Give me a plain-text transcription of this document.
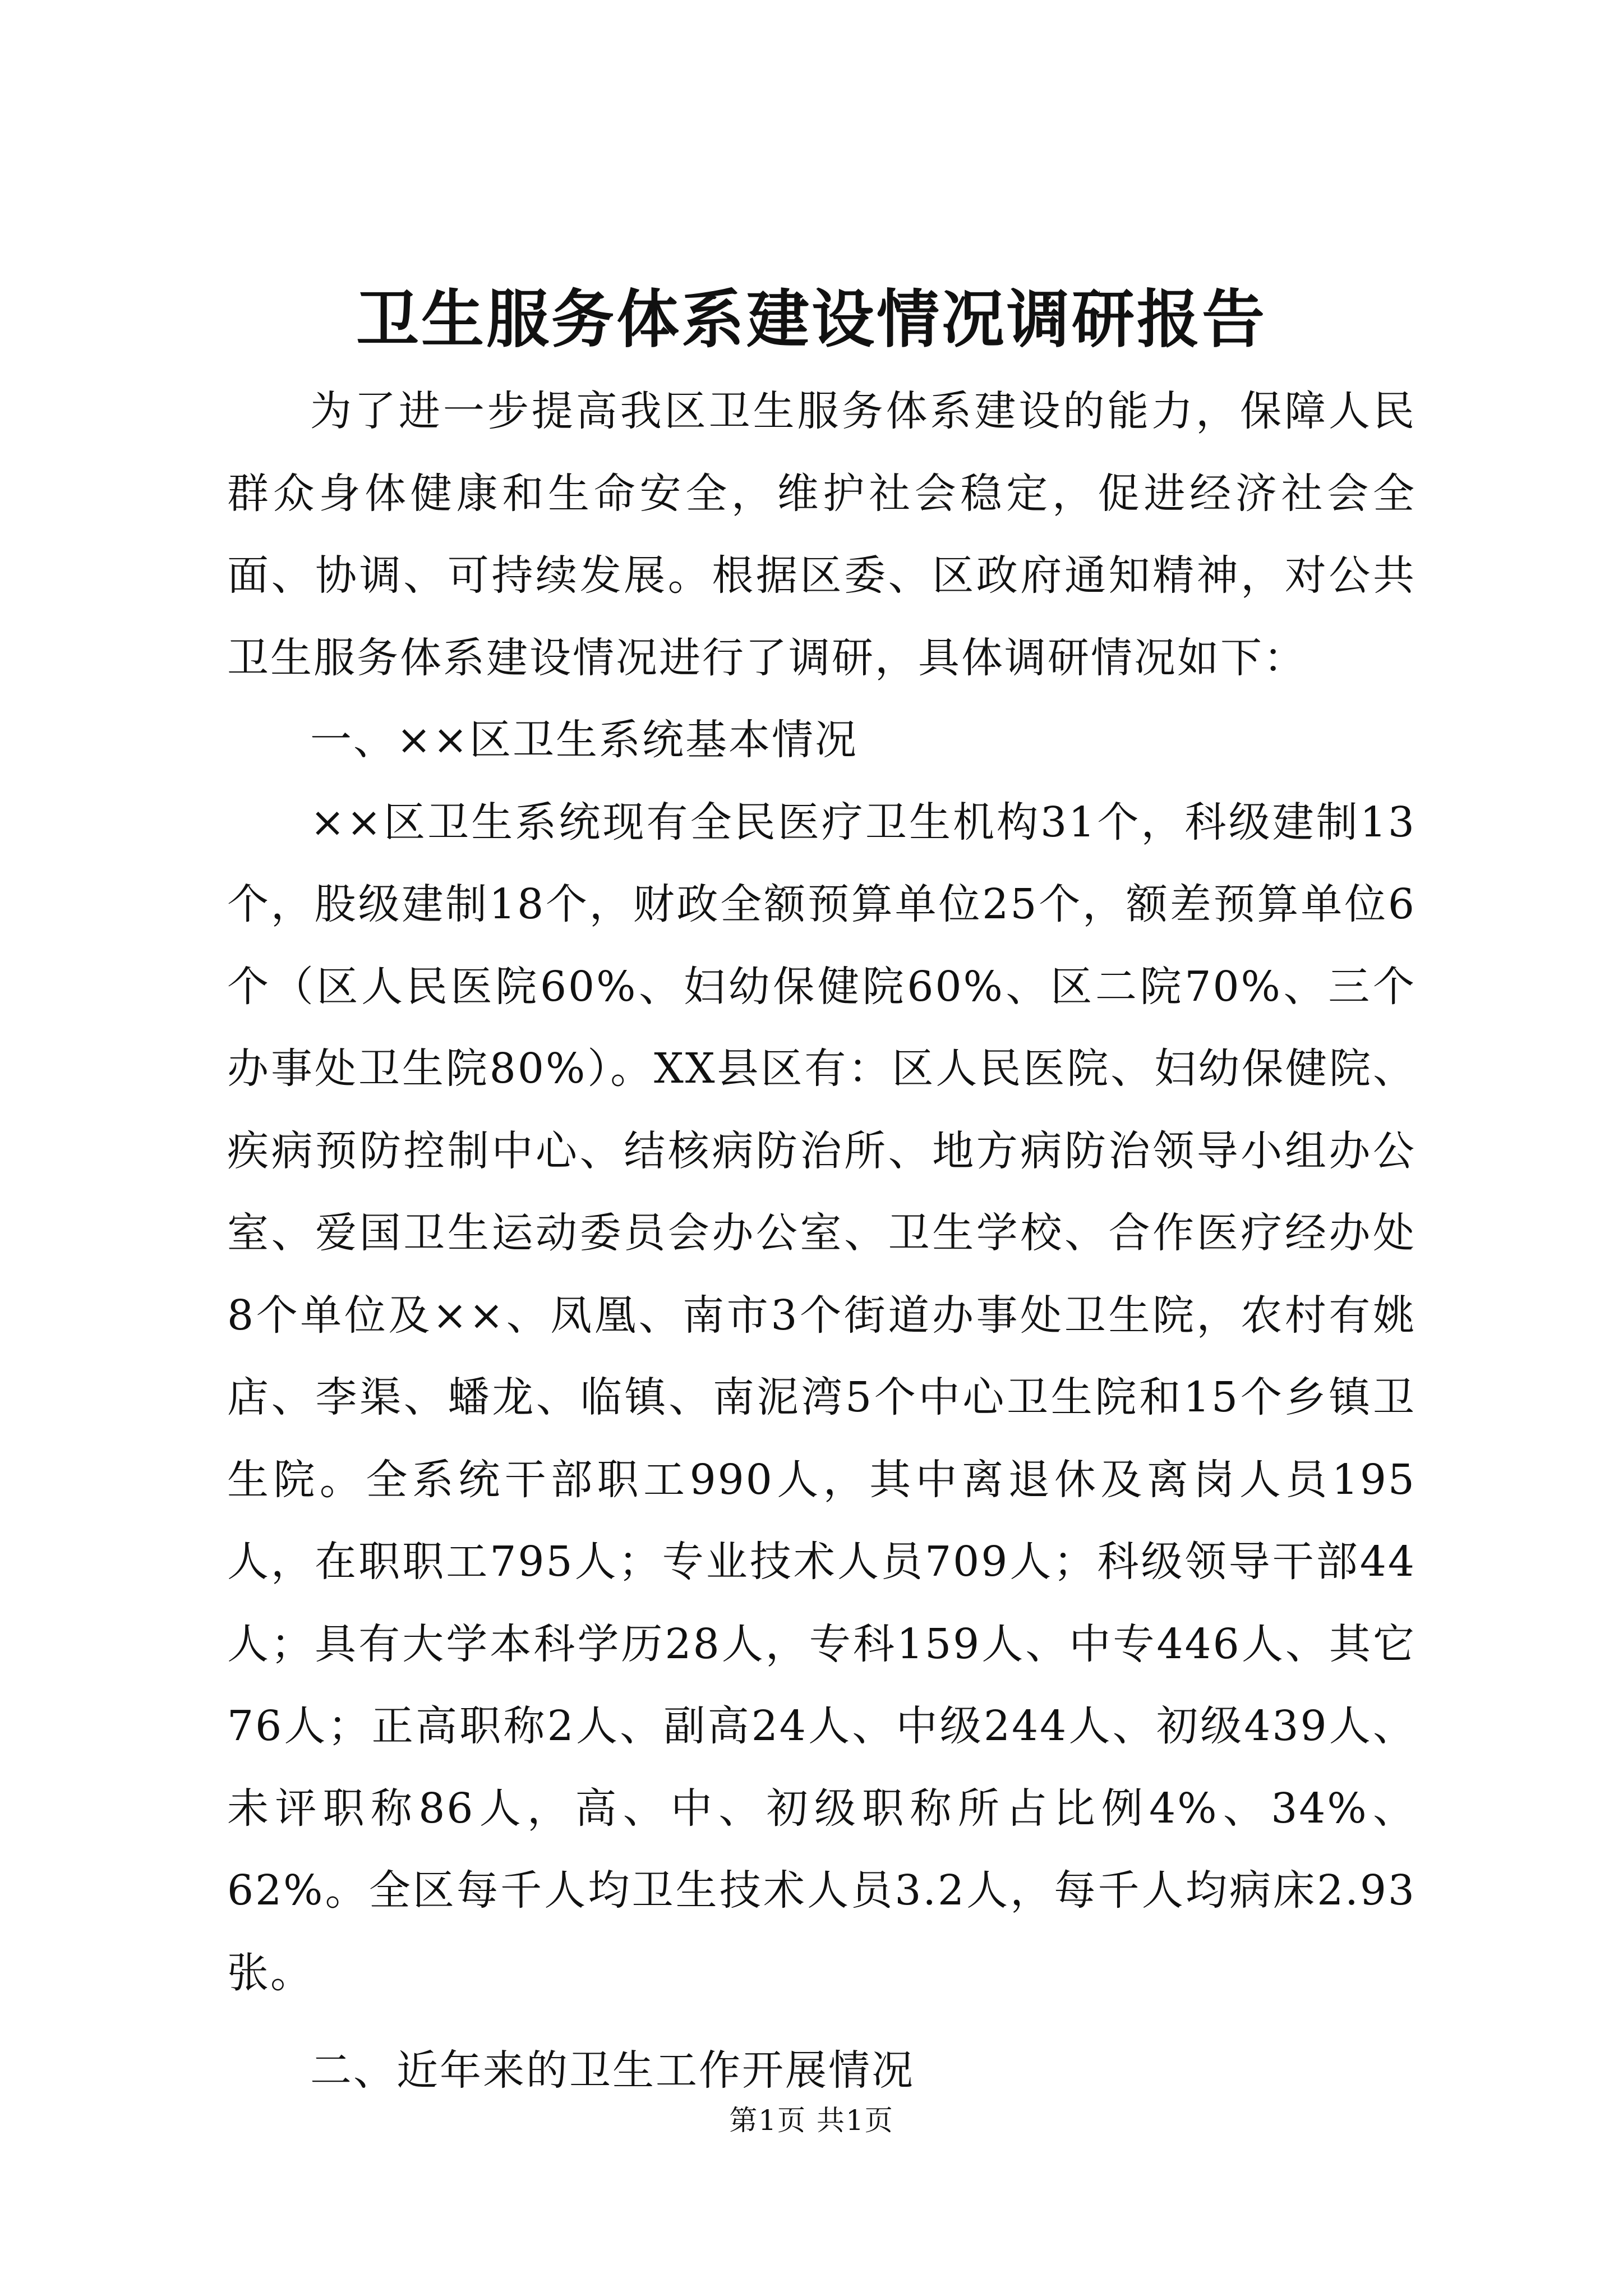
卫生服务体系建设情况调研报告

为了进一步提高我区卫生服务体系建设的能力，保障人民群众身体健康和生命安全，维护社会稳定，促进经济社会全面、协调、可持续发展。根据区委、区政府通知精神，对公共卫生服务体系建设情况进行了调研，具体调研情况如下：

一、××区卫生系统基本情况

××区卫生系统现有全民医疗卫生机构31个，科级建制13个，股级建制18个，财政全额预算单位25个，额差预算单位6个（区人民医院60%、妇幼保健院60%、区二院70%、三个办事处卫生院80%）。XX县区有：区人民医院、妇幼保健院、疾病预防控制中心、结核病防治所、地方病防治领导小组办公室、爱国卫生运动委员会办公室、卫生学校、合作医疗经办处8个单位及××、凤凰、南市3个街道办事处卫生院，农村有姚店、李渠、蟠龙、临镇、南泥湾5个中心卫生院和15个乡镇卫生院。全系统干部职工990人，其中离退休及离岗人员195人，在职职工795人；专业技术人员709人；科级领导干部44人；具有大学本科学历28人，专科159人、中专446人、其它76人；正高职称2人、副高24人、中级244人、初级439人、未评职称86人，高、中、初级职称所占比例4%、34%、62%。全区每千人均卫生技术人员3.2人，每千人均病床2.93张。

二、近年来的卫生工作开展情况

第1页 共1页
